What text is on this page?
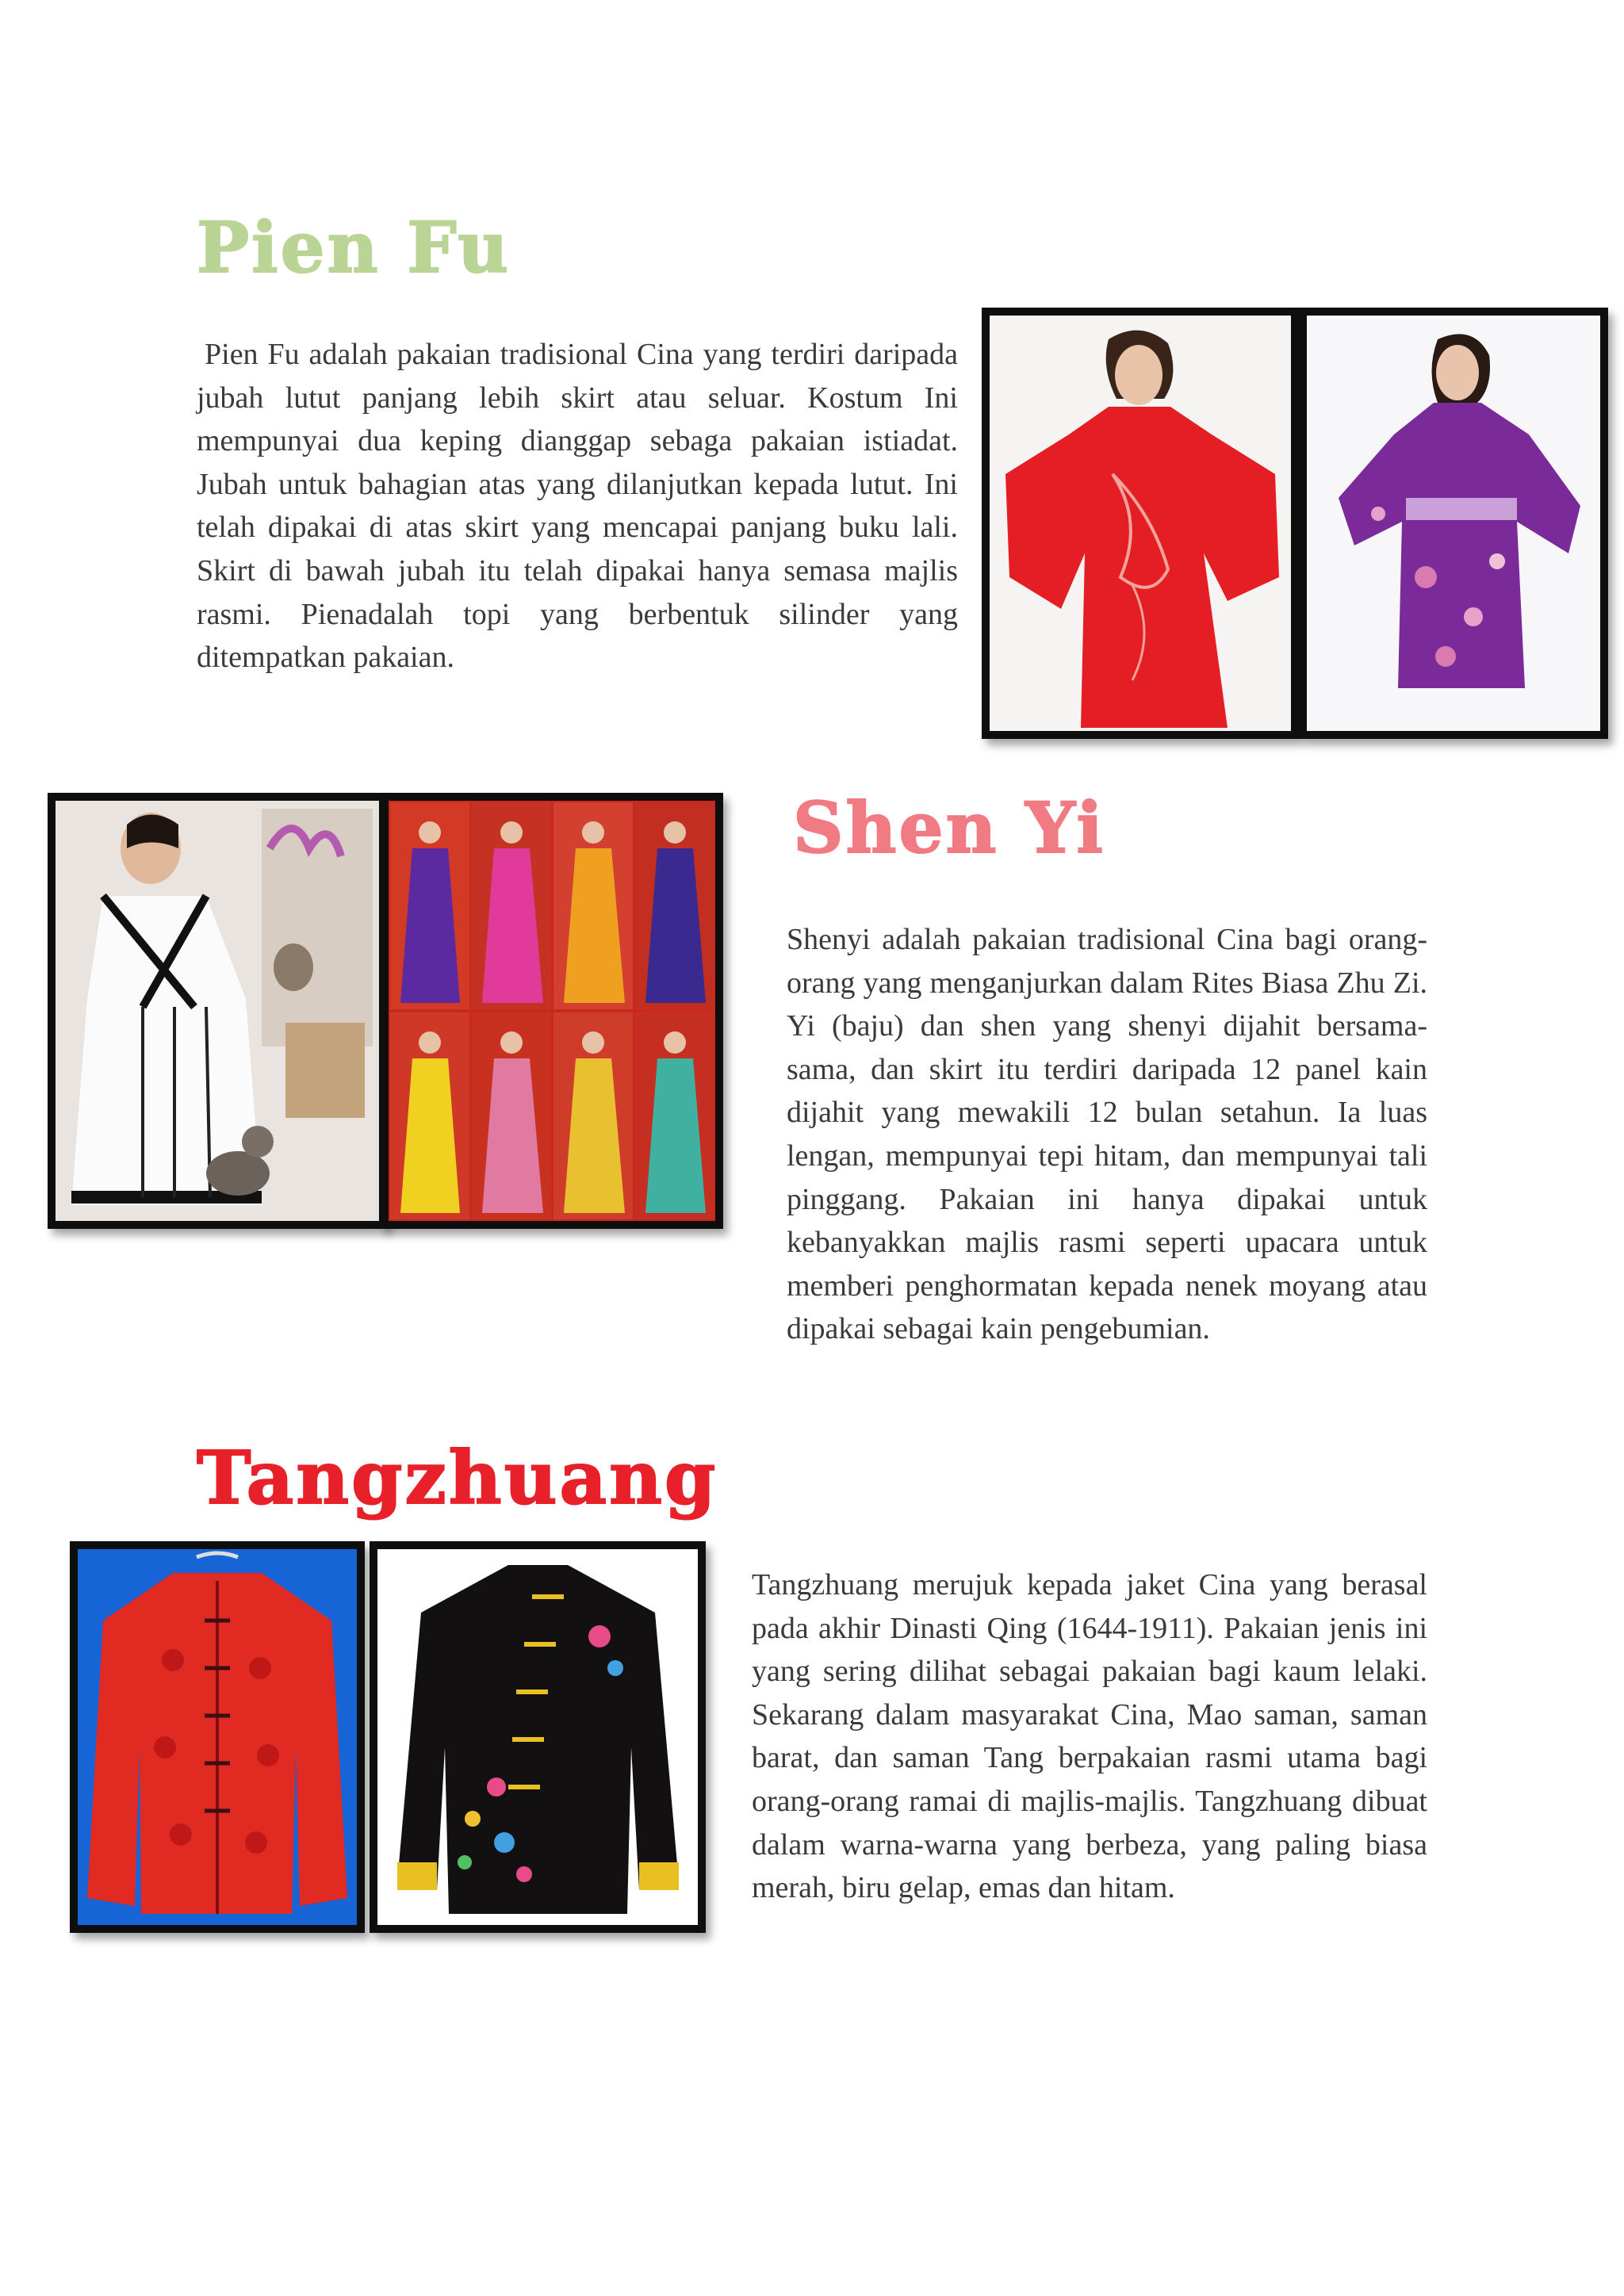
Pien Fu

Pien Fu adalah pakaian tradisional Cina yang terdiri daripada jubah lutut panjang lebih skirt atau seluar. Kostum Ini mempunyai dua keping dianggap sebaga pakaian istiadat. Jubah untuk bahagian atas yang dilanjutkan kepada lutut. Ini telah dipakai di atas skirt yang mencapai panjang buku lali. Skirt di bawah jubah itu telah dipakai hanya semasa majlis rasmi. Pienadalah topi yang berbentuk silinder yang ditempatkan pakaian.

Shen Yi

Shenyi adalah pakaian tradisional Cina bagi orang-orang yang menganjurkan dalam Rites Biasa Zhu Zi. Yi (baju) dan shen yang shenyi dijahit bersama-sama, dan skirt itu terdiri daripada 12 panel kain dijahit yang mewakili 12 bulan setahun. Ia luas lengan, mempunyai tepi hitam, dan mempunyai tali pinggang. Pakaian ini hanya dipakai untuk kebanyakkan majlis rasmi seperti upacara untuk memberi penghormatan kepada nenek moyang atau dipakai sebagai kain pengebumian.

Tangzhuang

Tangzhuang merujuk kepada jaket Cina yang berasal pada akhir Dinasti Qing (1644-1911). Pakaian jenis ini yang sering dilihat sebagai pakaian bagi kaum lelaki. Sekarang dalam masyarakat Cina, Mao saman, saman barat, dan saman Tang berpakaian rasmi utama bagi orang-orang ramai di majlis-majlis. Tangzhuang dibuat dalam warna-warna yang berbeza, yang paling biasa merah, biru gelap, emas dan hitam.
